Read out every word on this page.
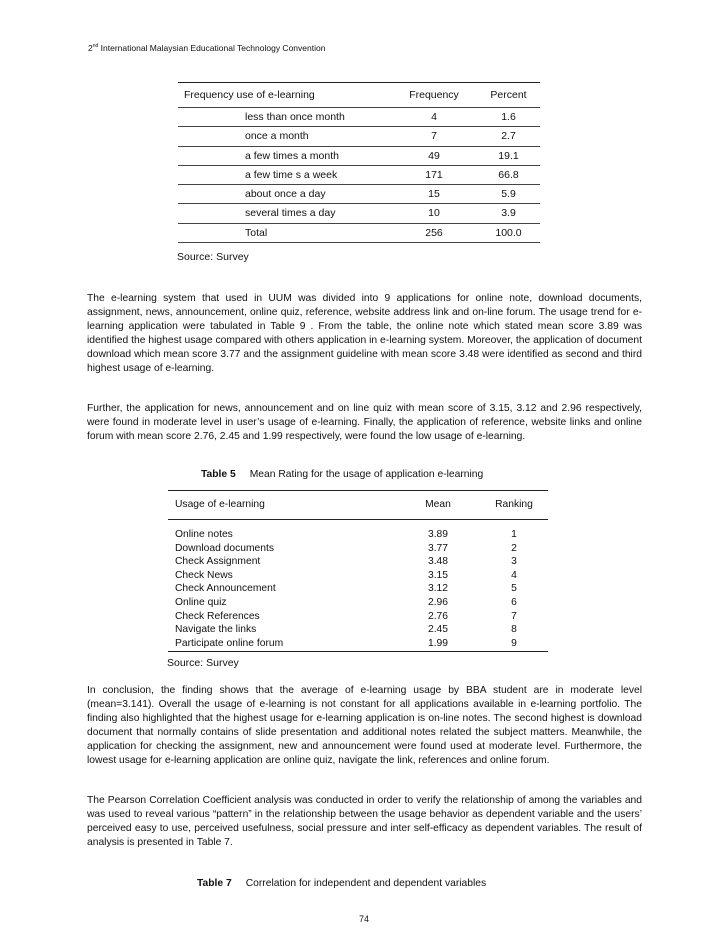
2nd International Malaysian Educational Technology Convention
Frequency use of e-learning	Frequency	Percent
less than once month	4	1.6
once a month	7	2.7
a few times a month	49	19.1
a few time s a week	171	66.8
about once a day	15	5.9
several times a day	10	3.9
Total	256	100.0
Source: Survey

The e-learning system that used in UUM was divided into 9 applications for online note, download documents, assignment, news, announcement, online quiz, reference, website address link and on-line forum. The usage trend for e-learning application were tabulated in Table 9 . From the table, the online note which stated mean score 3.89 was identified the highest usage compared with others application in e-learning system. Moreover, the application of document download which mean score 3.77 and the assignment guideline with mean score 3.48 were identified as second and third highest usage of e-learning.

Further, the application for news, announcement and on line quiz with mean score of 3.15, 3.12 and 2.96 respectively, were found in moderate level in user’s usage of e-learning. Finally, the application of reference, website links and online forum with mean score 2.76, 2.45 and 1.99 respectively, were found the low usage of e-learning.

Table 5 Mean Rating for the usage of application e-learning
Usage of e-learning	Mean	Ranking
Online notes	3.89	1
Download documents	3.77	2
Check Assignment	3.48	3
Check News	3.15	4
Check Announcement	3.12	5
Online quiz	2.96	6
Check References	2.76	7
Navigate the links	2.45	8
Participate online forum	1.99	9
Source: Survey

In conclusion, the finding shows that the average of e-learning usage by BBA student are in moderate level (mean=3.141). Overall the usage of e-learning is not constant for all applications available in e-learning portfolio. The finding also highlighted that the highest usage for e-learning application is on-line notes. The second highest is download document that normally contains of slide presentation and additional notes related the subject matters. Meanwhile, the application for checking the assignment, new and announcement were found used at moderate level. Furthermore, the lowest usage for e-learning application are online quiz, navigate the link, references and online forum.

The Pearson Correlation Coefficient analysis was conducted in order to verify the relationship of among the variables and was used to reveal various “pattern” in the relationship between the usage behavior as dependent variable and the users’ perceived easy to use, perceived usefulness, social pressure and inter self-efficacy as dependent variables. The result of analysis is presented in Table 7.

Table 7 Correlation for independent and dependent variables
74
